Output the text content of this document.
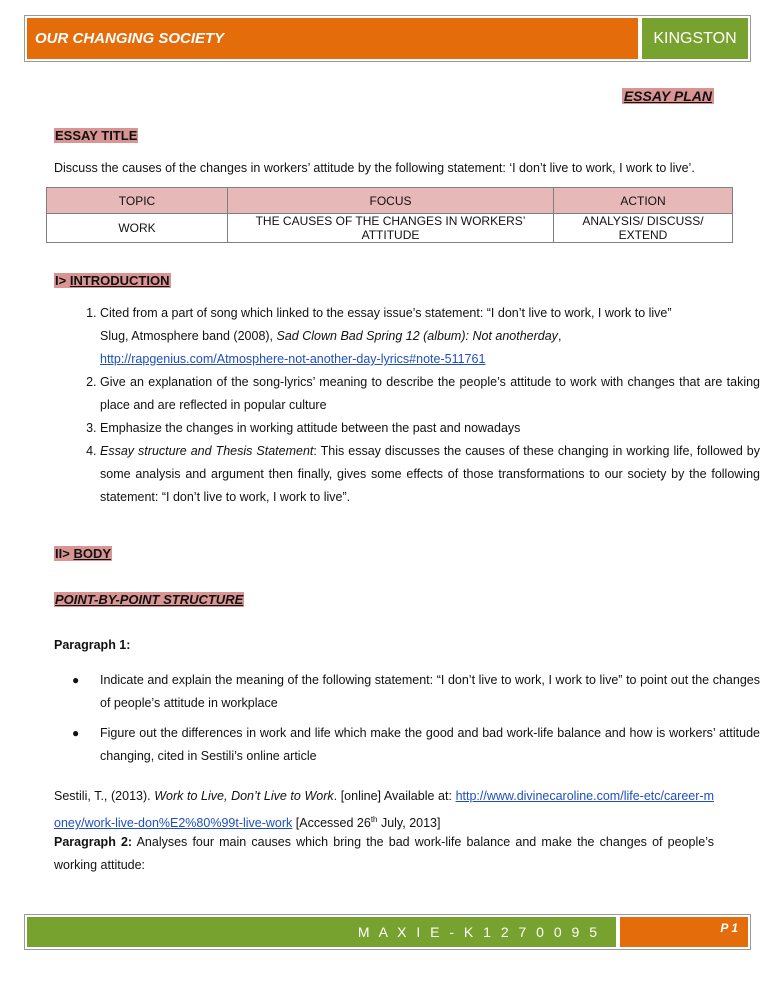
OUR CHANGING SOCIETY	KINGSTON
ESSAY PLAN
ESSAY TITLE
Discuss the causes of the changes in workers’ attitude by the following statement: ‘I don’t live to work, I work to live’.
TOPIC	FOCUS	ACTION
WORK	THE CAUSES OF THE CHANGES IN WORKERS’ ATTITUDE	ANALYSIS/ DISCUSS/ EXTEND
I> INTRODUCTION
1. Cited from a part of song which linked to the essay issue’s statement: “I don’t live to work, I work to live”
Slug, Atmosphere band (2008), Sad Clown Bad Spring 12 (album): Not anotherday,
http://rapgenius.com/Atmosphere-not-another-day-lyrics#note-511761
2. Give an explanation of the song-lyrics’ meaning to describe the people’s attitude to work with changes that are taking place and are reflected in popular culture
3. Emphasize the changes in working attitude between the past and nowadays
4. Essay structure and Thesis Statement: This essay discusses the causes of these changing in working life, followed by some analysis and argument then finally, gives some effects of those transformations to our society by the following statement: “I don’t live to work, I work to live”.
II> BODY
POINT-BY-POINT STRUCTURE
Paragraph 1:
● Indicate and explain the meaning of the following statement: “I don’t live to work, I work to live” to point out the changes of people’s attitude in workplace
● Figure out the differences in work and life which make the good and bad work-life balance and how is workers’ attitude changing, cited in Sestili’s online article
Sestili, T., (2013). Work to Live, Don’t Live to Work. [online] Available at: http://www.divinecaroline.com/life-etc/career-money/work-live-don%E2%80%99t-live-work [Accessed 26th July, 2013]
Paragraph 2: Analyses four main causes which bring the bad work-life balance and make the changes of people’s working attitude:
M A X I E - K 1 2 7 0 0 9 5	P 1
